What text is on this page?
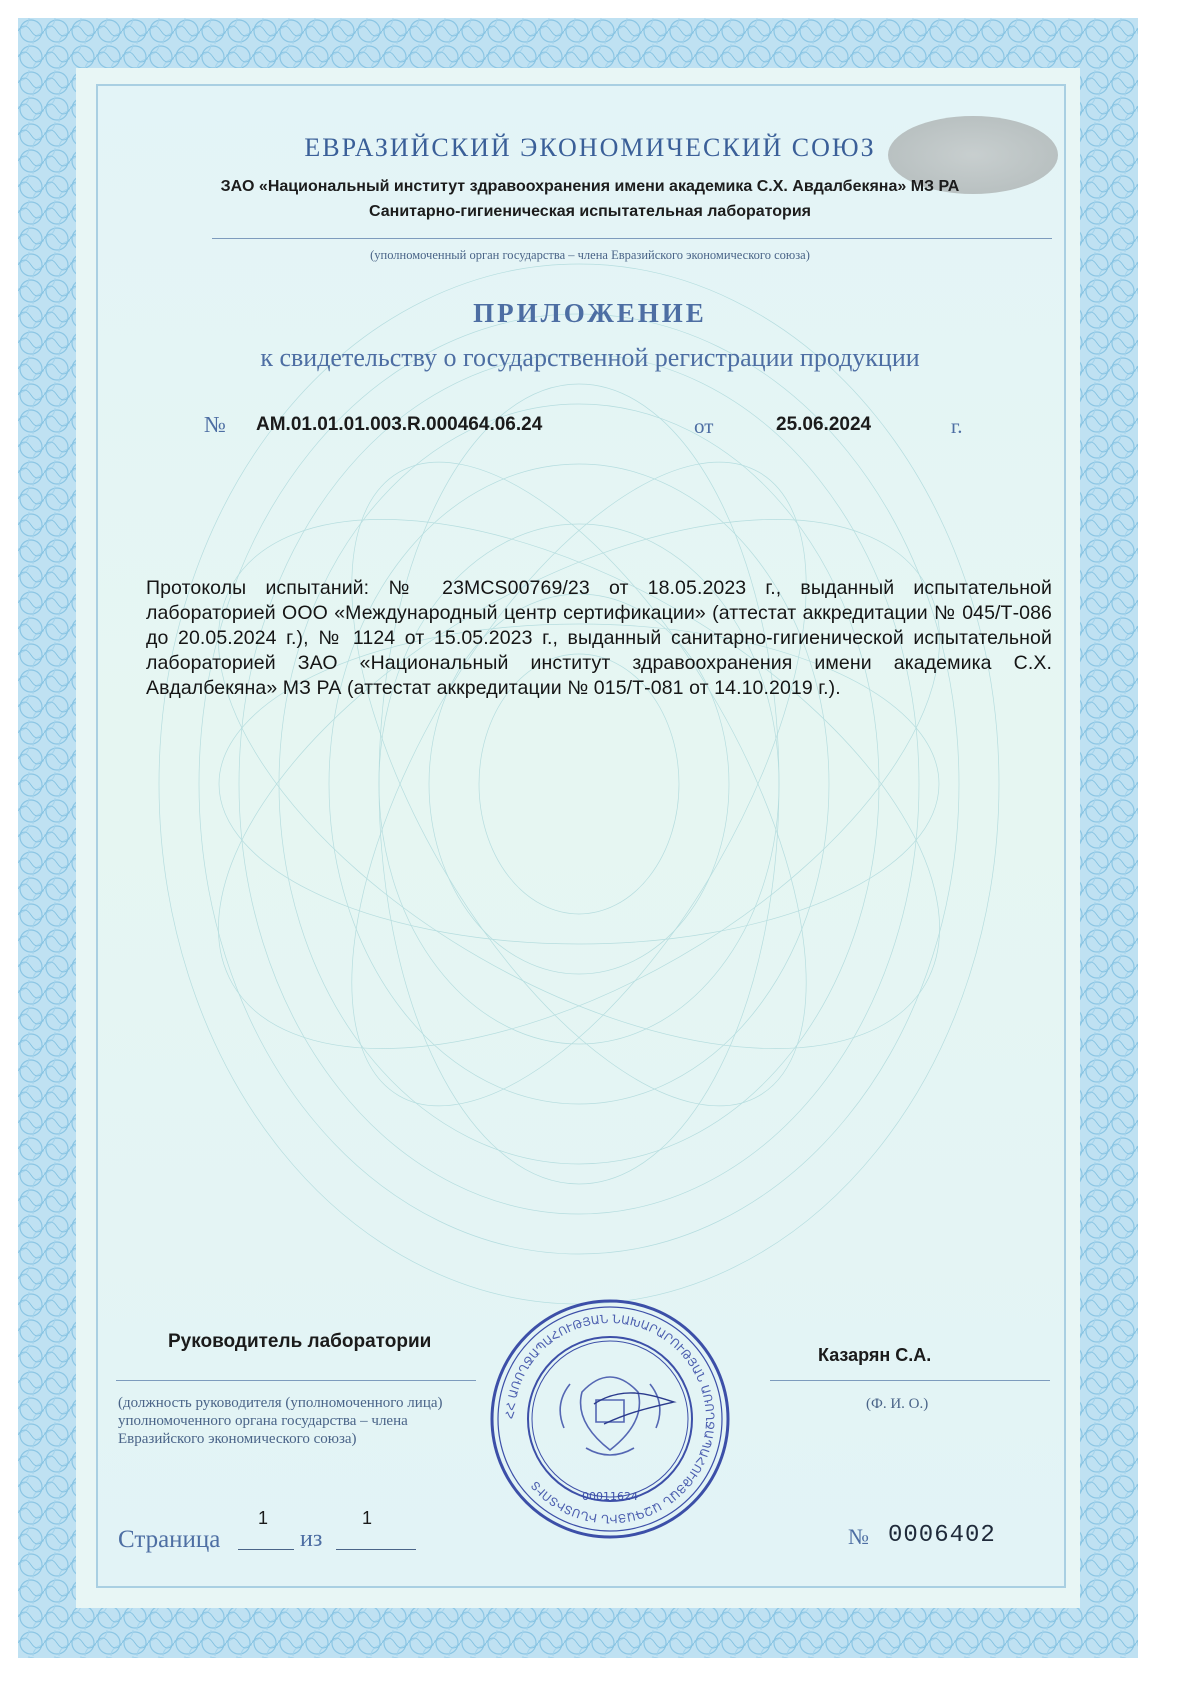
ЕВРАЗИЙСКИЙ ЭКОНОМИЧЕСКИЙ СОЮЗ
ЗАО «Национальный институт здравоохранения имени академика С.Х. Авдалбекяна» МЗ РА
Санитарно-гигиеническая испытательная лаборатория
(уполномоченный орган государства – члена Евразийского экономического союза)
ПРИЛОЖЕНИЕ
к свидетельству о государственной регистрации продукции
№ AM.01.01.01.003.R.000464.06.24	от	25.06.2024	г.
Протоколы испытаний: № 23MCS00769/23 от 18.05.2023 г., выданный испытательной лабораторией ООО «Международный центр сертификации» (аттестат аккредитации № 045/Т-086 до 20.05.2024 г.), № 1124 от 15.05.2023 г., выданный санитарно-гигиенической испытательной лабораторией ЗАО «Национальный институт здравоохранения имени академика С.Х. Авдалбекяна» МЗ РА (аттестат аккредитации № 015/Т-081 от 14.10.2019 г.).
Руководитель лаборатории
Казарян С.А.
(должность руководителя (уполномоченного лица) уполномоченного органа государства – члена Евразийского экономического союза)
(Ф. И. О.)
Страница
1
из
1
№ 0006402
ՀՀ ԱՌՈՂՋԱՊԱՀՈՒԹՅԱՆ ՆԱԽԱՐԱՐՈՒԹՅԱՆ ԱՌՈՂՋԱՊԱՀՈՒԹՅԱՆ ԱԶԳԱՅԻՆ ԻՆՍՏԻՏՈՒՏ
00011624
